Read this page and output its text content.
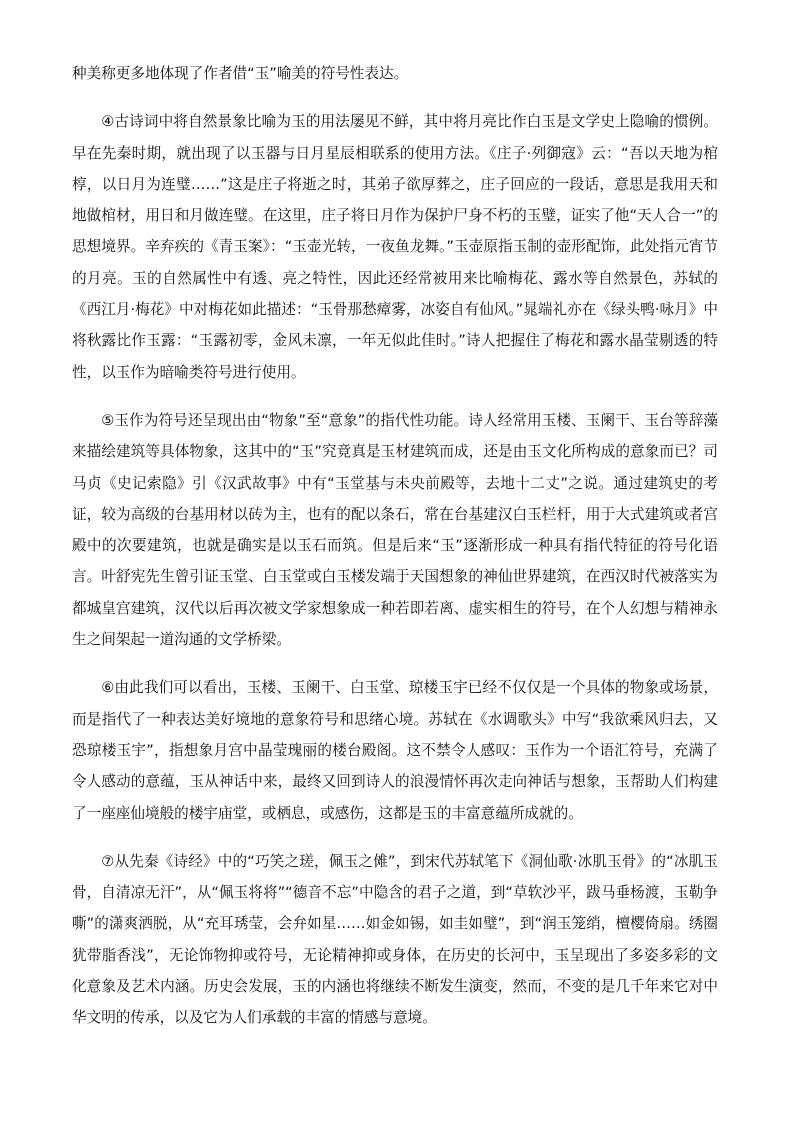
种美称更多地体现了作者借“玉”喻美的符号性表达。

④古诗词中将自然景象比喻为玉的用法屡见不鲜，其中将月亮比作白玉是文学史上隐喻的惯例。早在先秦时期，就出现了以玉器与日月星辰相联系的使用方法。《庄子·列御寇》云：“吾以天地为棺椁，以日月为连璧……”这是庄子将逝之时，其弟子欲厚葬之，庄子回应的一段话，意思是我用天和地做棺材，用日和月做连璧。在这里，庄子将日月作为保护尸身不朽的玉璧，证实了他“天人合一”的思想境界。辛弃疾的《青玉案》：“玉壶光转，一夜鱼龙舞。”玉壶原指玉制的壶形配饰，此处指元宵节的月亮。玉的自然属性中有透、亮之特性，因此还经常被用来比喻梅花、露水等自然景色，苏轼的《西江月·梅花》中对梅花如此描述：“玉骨那愁瘴雾，冰姿自有仙风。”晁端礼亦在《绿头鸭·咏月》中将秋露比作玉露：“玉露初零，金风未凛，一年无似此佳时。”诗人把握住了梅花和露水晶莹剔透的特性，以玉作为暗喻类符号进行使用。

⑤玉作为符号还呈现出由“物象”至“意象”的指代性功能。诗人经常用玉楼、玉阑干、玉台等辞藻来描绘建筑等具体物象，这其中的“玉”究竟真是玉材建筑而成，还是由玉文化所构成的意象而已？司马贞《史记索隐》引《汉武故事》中有“玉堂基与未央前殿等，去地十二丈”之说。通过建筑史的考证，较为高级的台基用材以砖为主，也有的配以条石，常在台基建汉白玉栏杆，用于大式建筑或者宫殿中的次要建筑，也就是确实是以玉石而筑。但是后来“玉”逐渐形成一种具有指代特征的符号化语言。叶舒宪先生曾引证玉堂、白玉堂或白玉楼发端于天国想象的神仙世界建筑，在西汉时代被落实为都城皇宫建筑，汉代以后再次被文学家想象成一种若即若离、虚实相生的符号，在个人幻想与精神永生之间架起一道沟通的文学桥梁。

⑥由此我们可以看出，玉楼、玉阑干、白玉堂、琼楼玉宇已经不仅仅是一个具体的物象或场景，而是指代了一种表达美好境地的意象符号和思绪心境。苏轼在《水调歌头》中写“我欲乘风归去，又恐琼楼玉宇”，指想象月宫中晶莹瑰丽的楼台殿阁。这不禁令人感叹：玉作为一个语汇符号，充满了令人感动的意蕴，玉从神话中来，最终又回到诗人的浪漫情怀再次走向神话与想象，玉帮助人们构建了一座座仙境般的楼宇庙堂，或栖息，或感伤，这都是玉的丰富意蕴所成就的。

⑦从先秦《诗经》中的“巧笑之瑳，佩玉之傩”，到宋代苏轼笔下《洞仙歌·冰肌玉骨》的“冰肌玉骨，自清凉无汗”，从“佩玉将将”“德音不忘”中隐含的君子之道，到“草软沙平，跋马垂杨渡，玉勒争嘶”的潇爽洒脱，从“充耳琇莹，会弁如星……如金如锡，如圭如璧”，到“润玉笼绡，檀樱倚扇。绣圈犹带脂香浅”，无论饰物抑或符号，无论精神抑或身体，在历史的长河中，玉呈现出了多姿多彩的文化意象及艺术内涵。历史会发展，玉的内涵也将继续不断发生演变，然而，不变的是几千年来它对中华文明的传承，以及它为人们承载的丰富的情感与意境。
